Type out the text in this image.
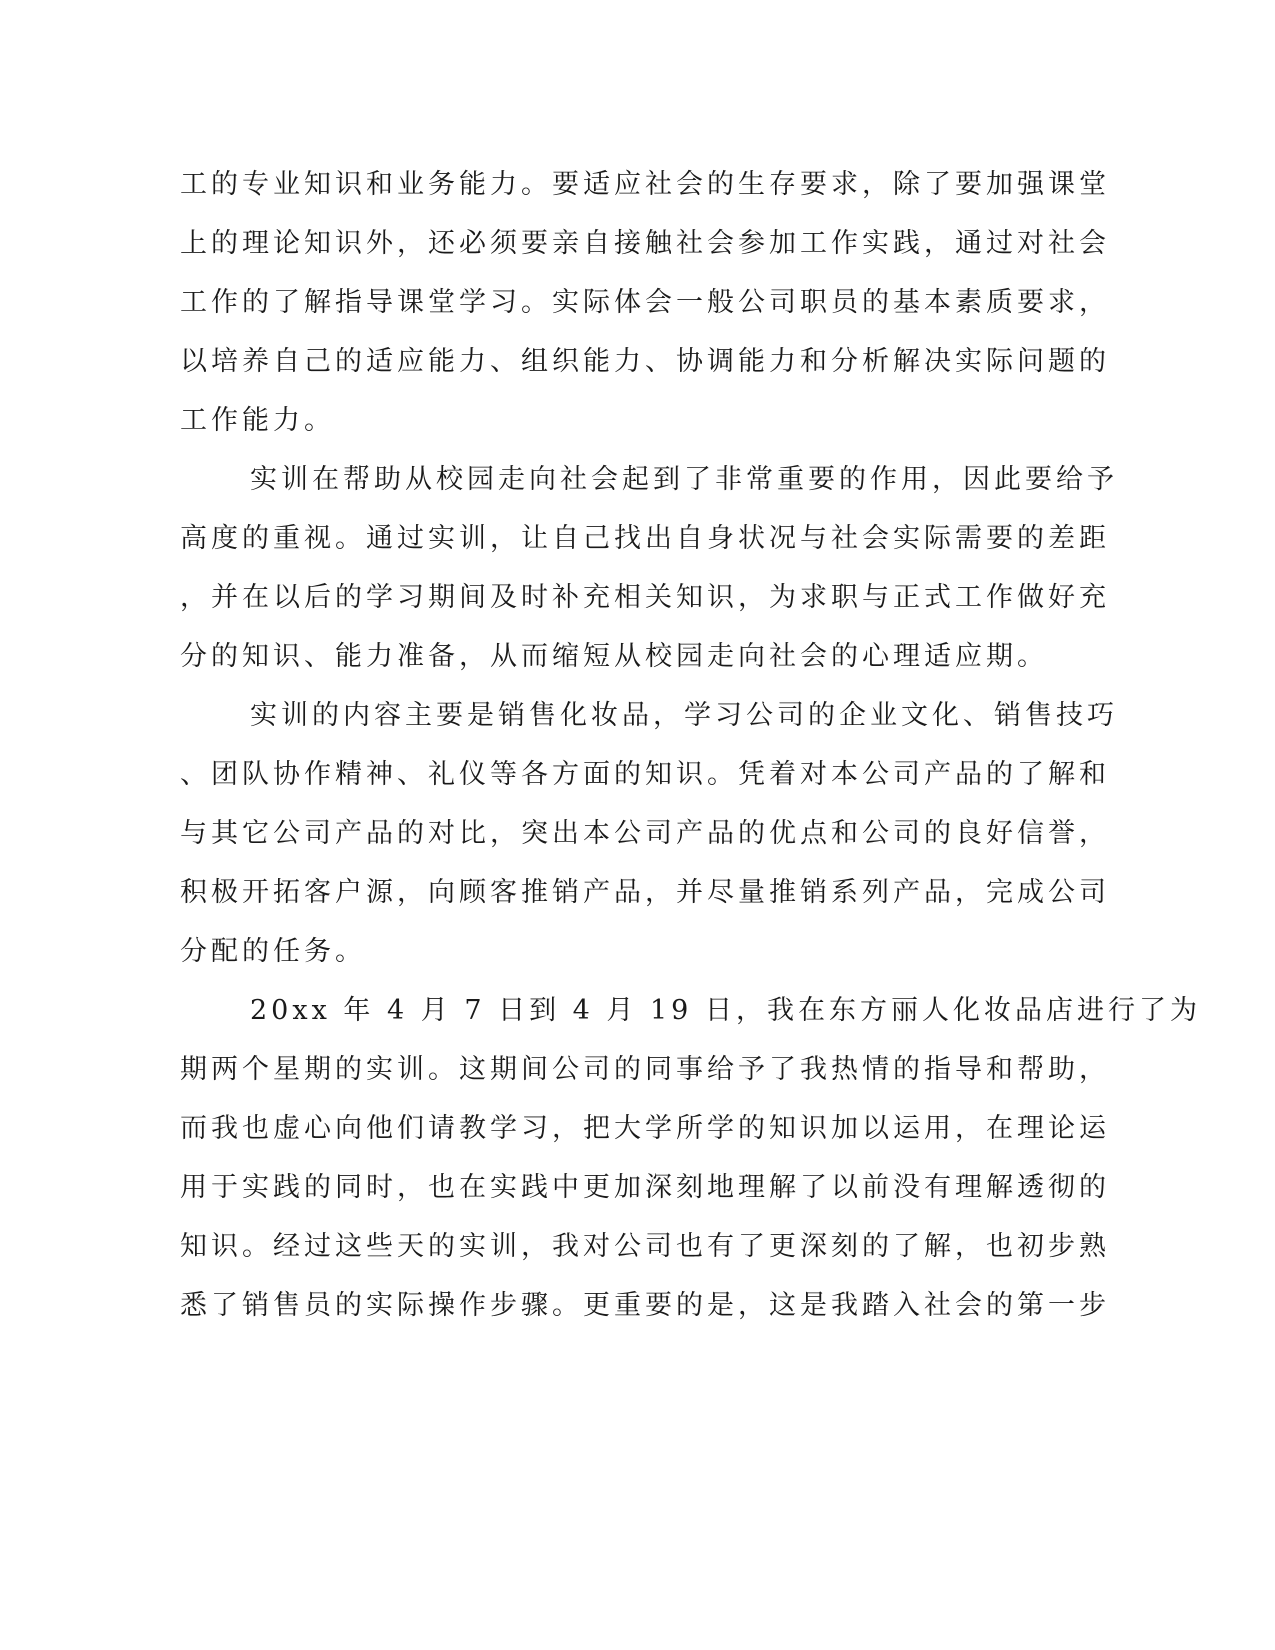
工的专业知识和业务能力。要适应社会的生存要求，除了要加强课堂
上的理论知识外，还必须要亲自接触社会参加工作实践，通过对社会
工作的了解指导课堂学习。实际体会一般公司职员的基本素质要求，
以培养自己的适应能力、组织能力、协调能力和分析解决实际问题的
工作能力。
实训在帮助从校园走向社会起到了非常重要的作用，因此要给予
高度的重视。通过实训，让自己找出自身状况与社会实际需要的差距
，并在以后的学习期间及时补充相关知识，为求职与正式工作做好充
分的知识、能力准备，从而缩短从校园走向社会的心理适应期。
实训的内容主要是销售化妆品，学习公司的企业文化、销售技巧
、团队协作精神、礼仪等各方面的知识。凭着对本公司产品的了解和
与其它公司产品的对比，突出本公司产品的优点和公司的良好信誉，
积极开拓客户源，向顾客推销产品，并尽量推销系列产品，完成公司
分配的任务。
20xx 年 4 月 7 日到 4 月 19 日，我在东方丽人化妆品店进行了为
期两个星期的实训。这期间公司的同事给予了我热情的指导和帮助，
而我也虚心向他们请教学习，把大学所学的知识加以运用，在理论运
用于实践的同时，也在实践中更加深刻地理解了以前没有理解透彻的
知识。经过这些天的实训，我对公司也有了更深刻的了解，也初步熟
悉了销售员的实际操作步骤。更重要的是，这是我踏入社会的第一步
